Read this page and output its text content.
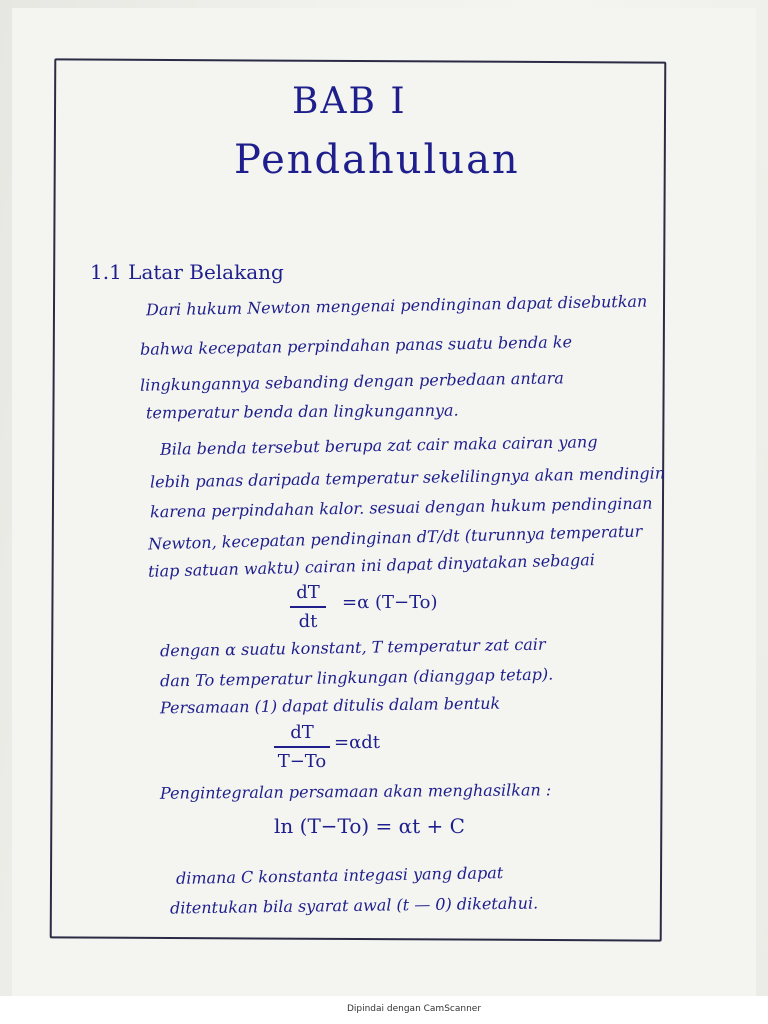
BAB I
Pendahuluan
1.1 Latar Belakang
Dari hukum Newton mengenai pendinginan dapat disebutkan
bahwa kecepatan perpindahan panas suatu benda ke
lingkungannya sebanding dengan perbedaan antara
temperatur benda dan lingkungannya.
Bila benda tersebut berupa zat cair maka cairan yang
lebih panas daripada temperatur sekelilingnya akan mendingin
karena perpindahan kalor. sesuai dengan hukum pendinginan
Newton, kecepatan pendinginan dT/dt (turunnya temperatur
tiap satuan waktu) cairan ini dapat dinyatakan sebagai
dT
dt
=α (T−To)
dengan α suatu konstant, T temperatur zat cair
dan To temperatur lingkungan (dianggap tetap).
Persamaan (1) dapat ditulis dalam bentuk
dT
T−To
=αdt
Pengintegralan persamaan akan menghasilkan :
ln (T−To) = αt + C
dimana C konstanta integasi yang dapat
ditentukan bila syarat awal (t — 0) diketahui.
Dipindai dengan CamScanner
